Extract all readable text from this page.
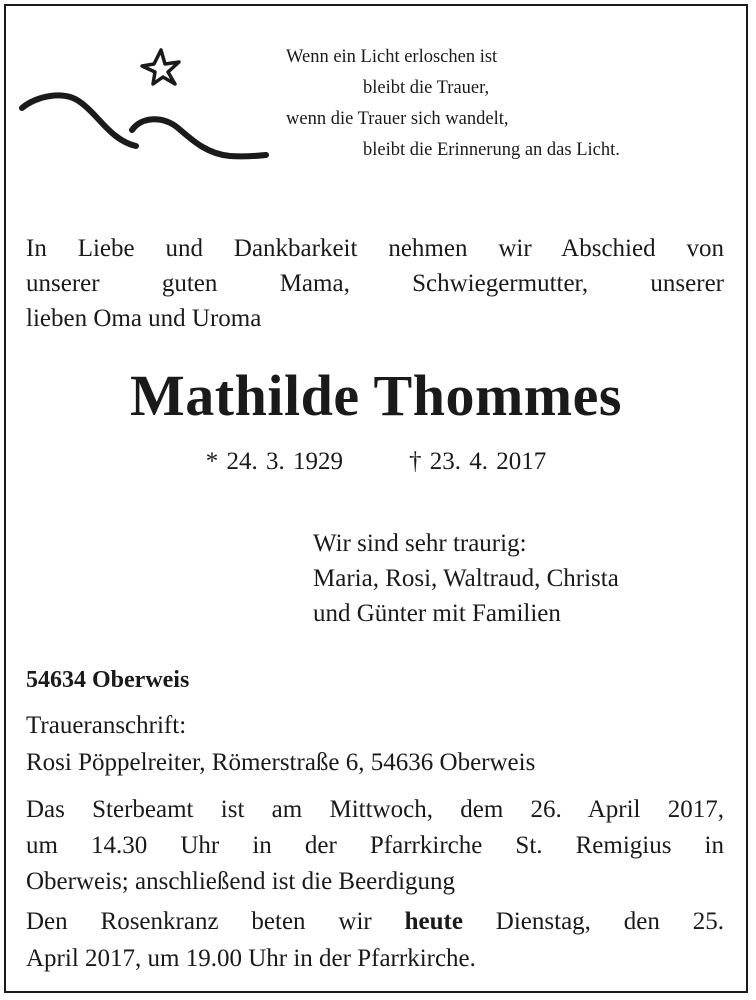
Wenn ein Licht erloschen ist
bleibt die Trauer,
wenn die Trauer sich wandelt,
bleibt die Erinnerung an das Licht.
In Liebe und Dankbarkeit nehmen wir Abschied von
unserer guten Mama, Schwiegermutter, unserer
lieben Oma und Uroma
Mathilde Thommes
* 24. 3. 1929	† 23. 4. 2017
Wir sind sehr traurig:
Maria, Rosi, Waltraud, Christa
und Günter mit Familien
54634 Oberweis
Traueranschrift:
Rosi Pöppelreiter, Römerstraße 6, 54636 Oberweis
Das Sterbeamt ist am Mittwoch, dem 26. April 2017,
um 14.30 Uhr in der Pfarrkirche St. Remigius in
Oberweis; anschließend ist die Beerdigung
Den Rosenkranz beten wir heute Dienstag, den 25.
April 2017, um 19.00 Uhr in der Pfarrkirche.
